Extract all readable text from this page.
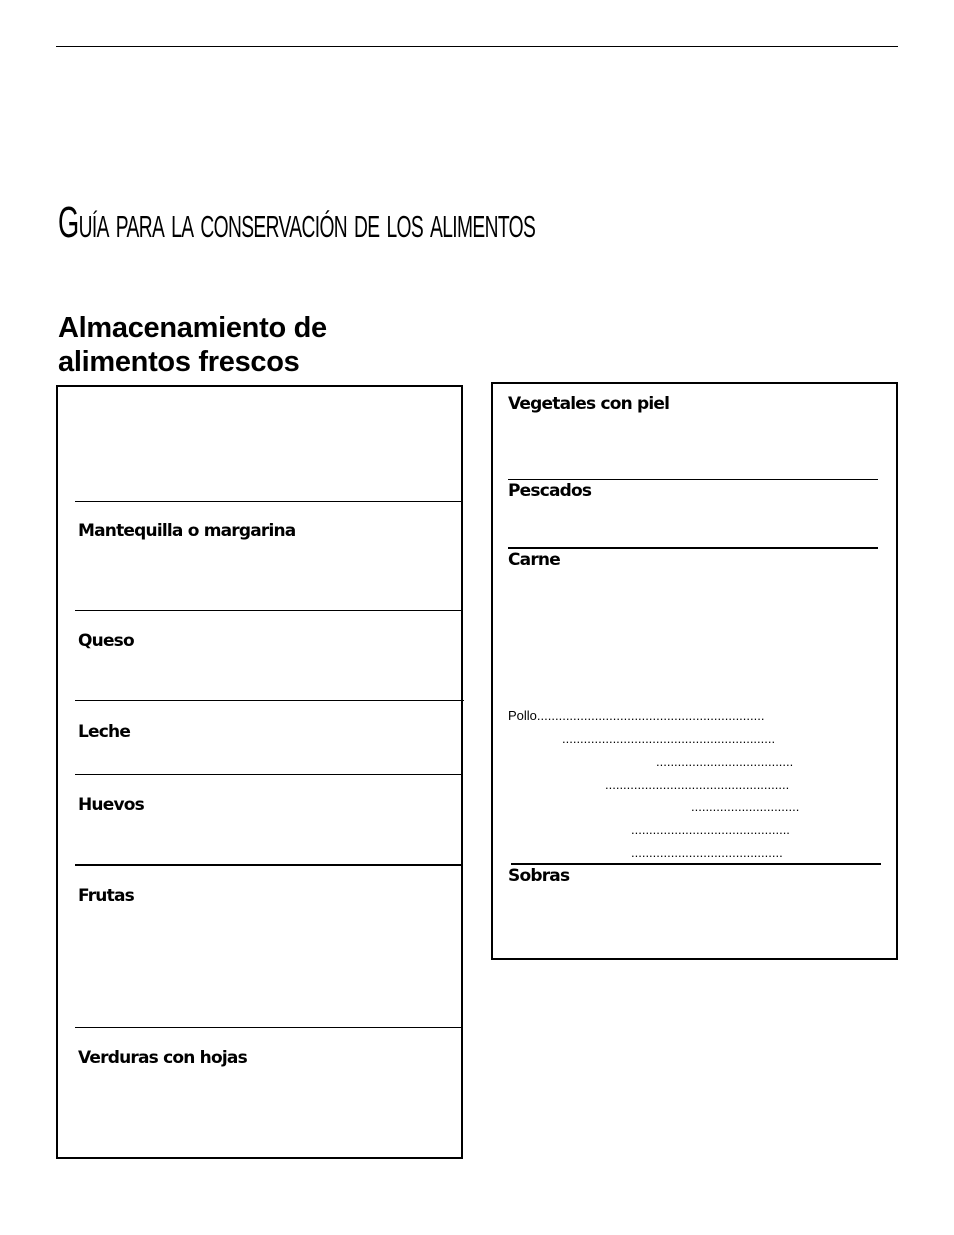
Guía para la conservación de los alimentos
Almacenamiento de
alimentos frescos
Mantequilla o margarina
Queso
Leche
Huevos
Frutas
Verduras con hojas
Vegetales con piel
Pescados
Carne
Pollo...............................................................
...........................................................
......................................
...................................................
..............................
............................................
..........................................
Sobras
